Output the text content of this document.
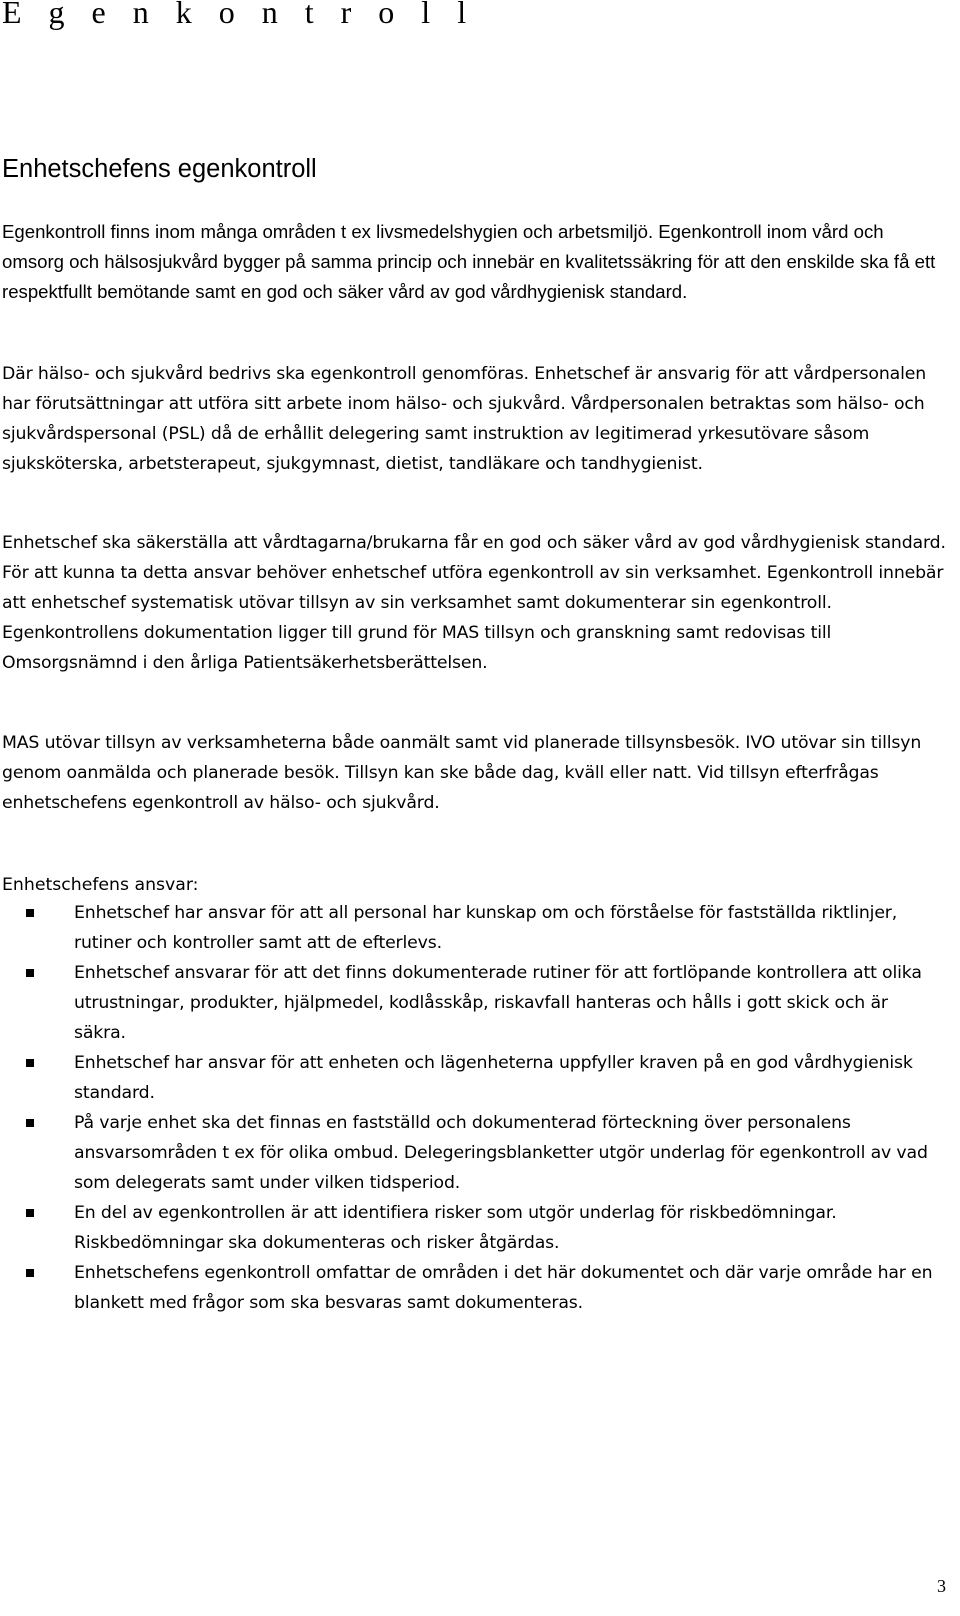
E g e n k o n t r o l l
Enhetschefens egenkontroll

Egenkontroll finns inom många områden t ex livsmedelshygien och arbetsmiljö. Egenkontroll inom vård och omsorg och hälsosjukvård bygger på samma princip och innebär en kvalitetssäkring för att den enskilde ska få ett respektfullt bemötande samt en god och säker vård av god vårdhygienisk standard.

Där hälso- och sjukvård bedrivs ska egenkontroll genomföras. Enhetschef är ansvarig för att vårdpersonalen har förutsättningar att utföra sitt arbete inom hälso- och sjukvård. Vårdpersonalen betraktas som hälso- och sjukvårdspersonal (PSL) då de erhållit delegering samt instruktion av legitimerad yrkesutövare såsom sjuksköterska, arbetsterapeut, sjukgymnast, dietist, tandläkare och tandhygienist.

Enhetschef ska säkerställa att vårdtagarna/brukarna får en god och säker vård av god vårdhygienisk standard. För att kunna ta detta ansvar behöver enhetschef utföra egenkontroll av sin verksamhet. Egenkontroll innebär att enhetschef systematisk utövar tillsyn av sin verksamhet samt dokumenterar sin egenkontroll. Egenkontrollens dokumentation ligger till grund för MAS tillsyn och granskning samt redovisas till Omsorgsnämnd i den årliga Patientsäkerhetsberättelsen.

MAS utövar tillsyn av verksamheterna både oanmält samt vid planerade tillsynsbesök. IVO utövar sin tillsyn genom oanmälda och planerade besök. Tillsyn kan ske både dag, kväll eller natt. Vid tillsyn efterfrågas enhetschefens egenkontroll av hälso- och sjukvård.

Enhetschefens ansvar:

Enhetschef har ansvar för att all personal har kunskap om och förståelse för fastställda riktlinjer, rutiner och kontroller samt att de efterlevs.
Enhetschef ansvarar för att det finns dokumenterade rutiner för att fortlöpande kontrollera att olika utrustningar, produkter, hjälpmedel, kodlåsskåp, riskavfall hanteras och hålls i gott skick och är säkra.
Enhetschef har ansvar för att enheten och lägenheterna uppfyller kraven på en god vårdhygienisk standard.
På varje enhet ska det finnas en fastställd och dokumenterad förteckning över personalens ansvarsområden t ex för olika ombud. Delegeringsblanketter utgör underlag för egenkontroll av vad som delegerats samt under vilken tidsperiod.
En del av egenkontrollen är att identifiera risker som utgör underlag för riskbedömningar. Riskbedömningar ska dokumenteras och risker åtgärdas.
Enhetschefens egenkontroll omfattar de områden i det här dokumentet och där varje område har en blankett med frågor som ska besvaras samt dokumenteras.

3
